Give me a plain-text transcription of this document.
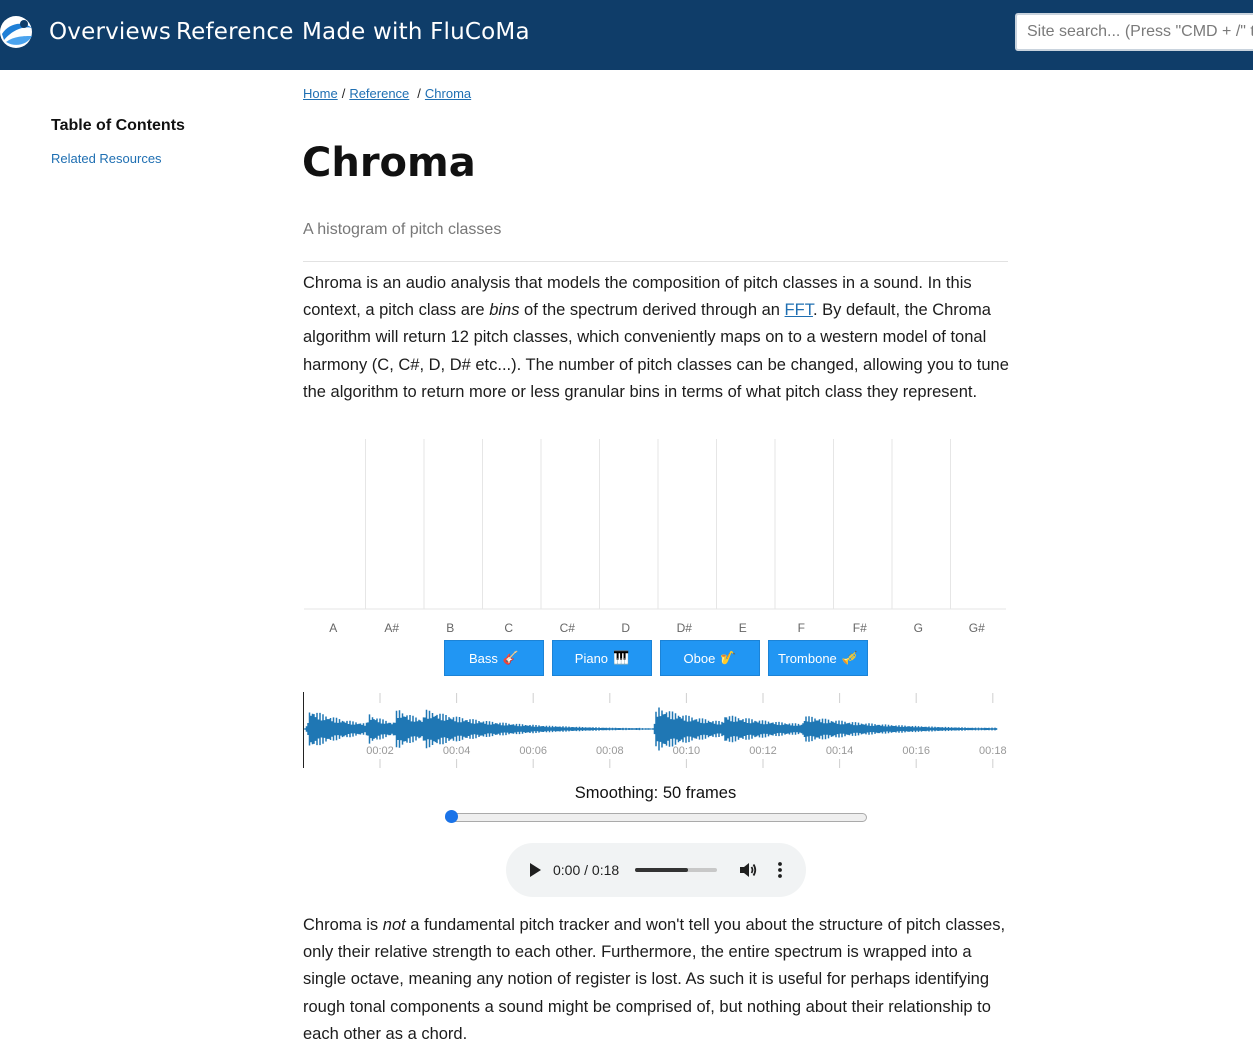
Overviews Reference Made with FluCoMa
Site search... (Press "CMD + /" to focus)
Table of Contents
Related Resources
Home / Reference / Chroma
Chroma
A histogram of pitch classes

Chroma is an audio analysis that models the composition of pitch classes in a sound. In this context, a pitch class are bins of the spectrum derived through an FFT. By default, the Chroma algorithm will return 12 pitch classes, which conveniently maps on to a western model of tonal harmony (C, C#, D, D# etc...). The number of pitch classes can be changed, allowing you to tune the algorithm to return more or less granular bins in terms of what pitch class they represent.

A	A#	B	C	C#	D	D#	E	F	F#	G	G#
Bass 🎸	Piano 🎹	Oboe 🎷	Trombone 🎺
00:02	00:04	00:06	00:08	00:10	00:12	00:14	00:16	00:18
Smoothing: 50 frames
0:00 / 0:18

Chroma is not a fundamental pitch tracker and won't tell you about the structure of pitch classes, only their relative strength to each other. Furthermore, the entire spectrum is wrapped into a single octave, meaning any notion of register is lost. As such it is useful for perhaps identifying rough tonal components a sound might be comprised of, but nothing about their relationship to each other as a chord.
